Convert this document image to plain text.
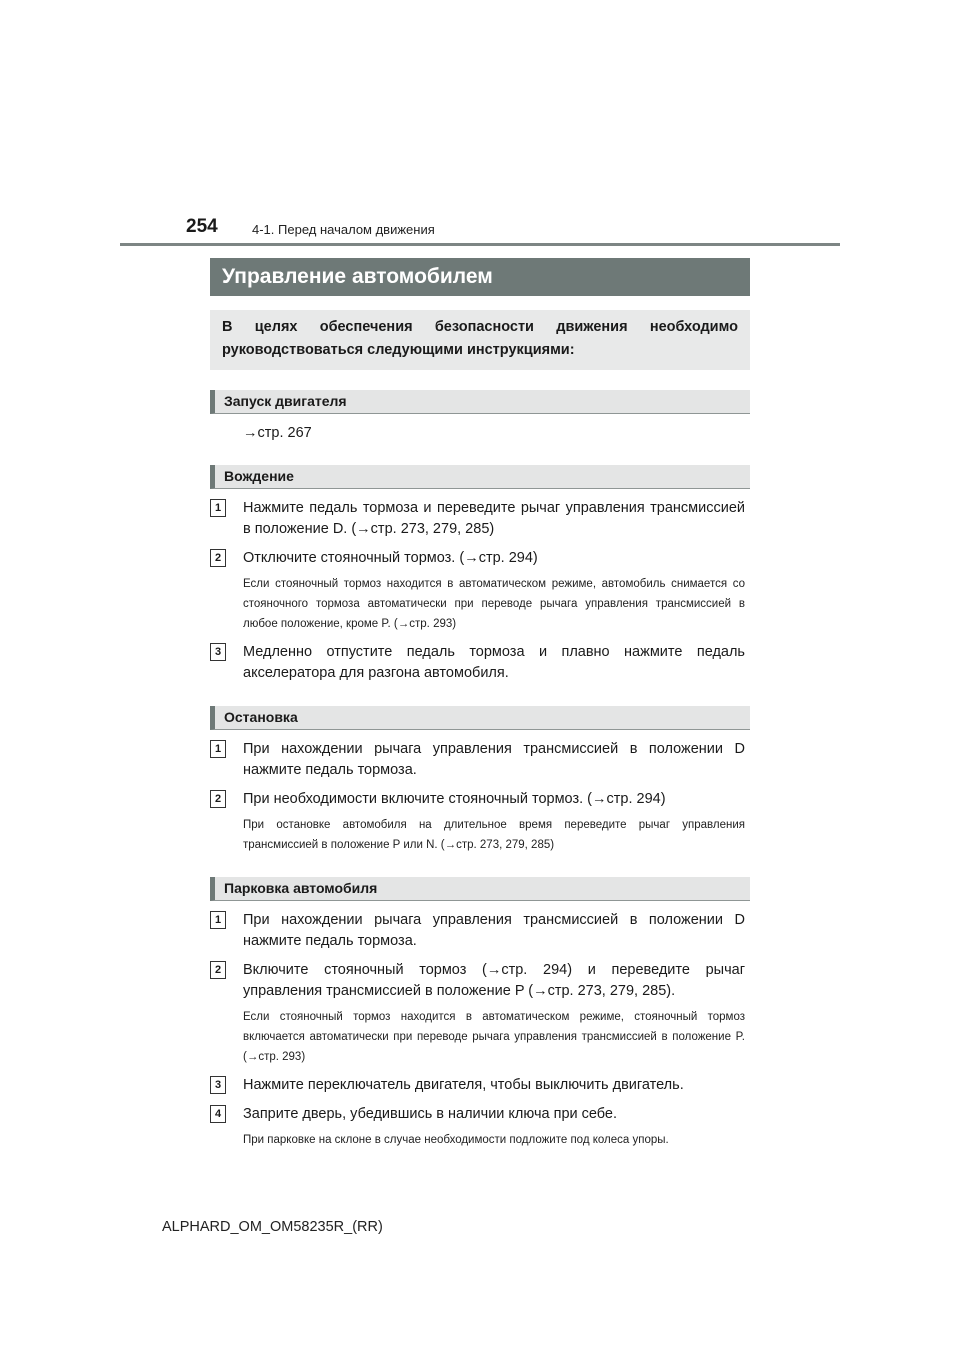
254	4-1. Перед началом движения
Управление автомобилем
В целях обеспечения безопасности движения необходимо руководствоваться следующими инструкциями:
Запуск двигателя
→стр. 267
Вождение
1	Нажмите педаль тормоза и переведите рычаг управления трансмиссией в положение D. (→стр. 273, 279, 285)
2	Отключите стояночный тормоз. (→стр. 294)
Если стояночный тормоз находится в автоматическом режиме, автомобиль снимается со стояночного тормоза автоматически при переводе рычага управления трансмиссией в любое положение, кроме P. (→стр. 293)
3	Медленно отпустите педаль тормоза и плавно нажмите педаль акселератора для разгона автомобиля.
Остановка
1	При нахождении рычага управления трансмиссией в положении D нажмите педаль тормоза.
2	При необходимости включите стояночный тормоз. (→стр. 294)
При остановке автомобиля на длительное время переведите рычаг управления трансмиссией в положение P или N. (→стр. 273, 279, 285)
Парковка автомобиля
1	При нахождении рычага управления трансмиссией в положении D нажмите педаль тормоза.
2	Включите стояночный тормоз (→стр. 294) и переведите рычаг управления трансмиссией в положение P (→стр. 273, 279, 285).
Если стояночный тормоз находится в автоматическом режиме, стояночный тормоз включается автоматически при переводе рычага управления трансмиссией в положение P. (→стр. 293)
3	Нажмите переключатель двигателя, чтобы выключить двигатель.
4	Заприте дверь, убедившись в наличии ключа при себе.
При парковке на склоне в случае необходимости подложите под колеса упоры.
ALPHARD_OM_OM58235R_(RR)
